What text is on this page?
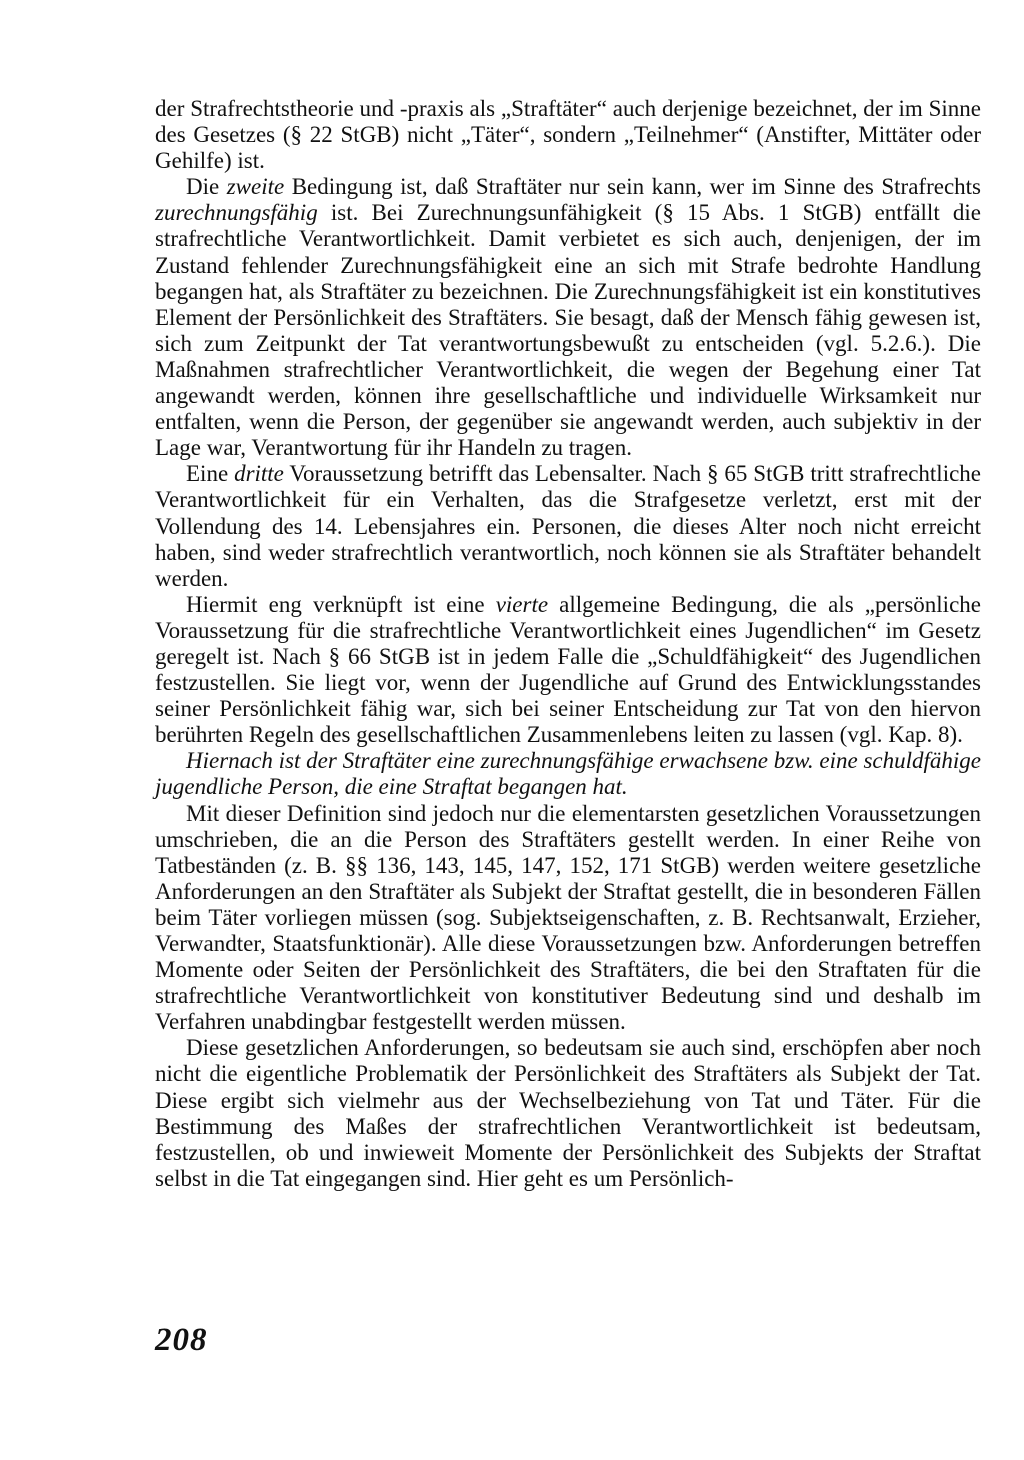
der Strafrechtstheorie und -praxis als „Straftäter“ auch derjenige bezeichnet, der im Sinne des Gesetzes (§ 22 StGB) nicht „Täter“, sondern „Teilnehmer“ (Anstifter, Mittäter oder Gehilfe) ist.

Die zweite Bedingung ist, daß Straftäter nur sein kann, wer im Sinne des Strafrechts zurechnungsfähig ist. Bei Zurechnungsunfähigkeit (§ 15 Abs. 1 StGB) entfällt die strafrechtliche Verantwortlichkeit. Damit verbietet es sich auch, denjenigen, der im Zustand fehlender Zurechnungsfähigkeit eine an sich mit Strafe bedrohte Handlung begangen hat, als Straftäter zu bezeichnen. Die Zurechnungsfähigkeit ist ein konstitutives Element der Persönlichkeit des Straftäters. Sie besagt, daß der Mensch fähig gewesen ist, sich zum Zeitpunkt der Tat verantwortungsbewußt zu entscheiden (vgl. 5.2.6.). Die Maßnahmen strafrechtlicher Verantwortlichkeit, die wegen der Begehung einer Tat angewandt werden, können ihre gesellschaftliche und individuelle Wirksamkeit nur entfalten, wenn die Person, der gegenüber sie angewandt werden, auch subjektiv in der Lage war, Verantwortung für ihr Handeln zu tragen.

Eine dritte Voraussetzung betrifft das Lebensalter. Nach § 65 StGB tritt strafrechtliche Verantwortlichkeit für ein Verhalten, das die Strafgesetze verletzt, erst mit der Vollendung des 14. Lebensjahres ein. Personen, die dieses Alter noch nicht erreicht haben, sind weder strafrechtlich verantwortlich, noch können sie als Straftäter behandelt werden.

Hiermit eng verknüpft ist eine vierte allgemeine Bedingung, die als „persönliche Voraussetzung für die strafrechtliche Verantwortlichkeit eines Jugendlichen“ im Gesetz geregelt ist. Nach § 66 StGB ist in jedem Falle die „Schuldfähigkeit“ des Jugendlichen festzustellen. Sie liegt vor, wenn der Jugendliche auf Grund des Entwicklungsstandes seiner Persönlichkeit fähig war, sich bei seiner Entscheidung zur Tat von den hiervon berührten Regeln des gesellschaftlichen Zusammenlebens leiten zu lassen (vgl. Kap. 8).

Hiernach ist der Straftäter eine zurechnungsfähige erwachsene bzw. eine schuldfähige jugendliche Person, die eine Straftat begangen hat.

Mit dieser Definition sind jedoch nur die elementarsten gesetzlichen Voraussetzungen umschrieben, die an die Person des Straftäters gestellt werden. In einer Reihe von Tatbeständen (z. B. §§ 136, 143, 145, 147, 152, 171 StGB) werden weitere gesetzliche Anforderungen an den Straftäter als Subjekt der Straftat gestellt, die in besonderen Fällen beim Täter vorliegen müssen (sog. Subjektseigenschaften, z. B. Rechtsanwalt, Erzieher, Verwandter, Staatsfunktionär). Alle diese Voraussetzungen bzw. Anforderungen betreffen Momente oder Seiten der Persönlichkeit des Straftäters, die bei den Straftaten für die strafrechtliche Verantwortlichkeit von konstitutiver Bedeutung sind und deshalb im Verfahren unabdingbar festgestellt werden müssen.

Diese gesetzlichen Anforderungen, so bedeutsam sie auch sind, erschöpfen aber noch nicht die eigentliche Problematik der Persönlichkeit des Straftäters als Subjekt der Tat. Diese ergibt sich vielmehr aus der Wechselbeziehung von Tat und Täter. Für die Bestimmung des Maßes der strafrechtlichen Verantwortlichkeit ist bedeutsam, festzustellen, ob und inwieweit Momente der Persönlichkeit des Subjekts der Straftat selbst in die Tat eingegangen sind. Hier geht es um Persönlich-

208
